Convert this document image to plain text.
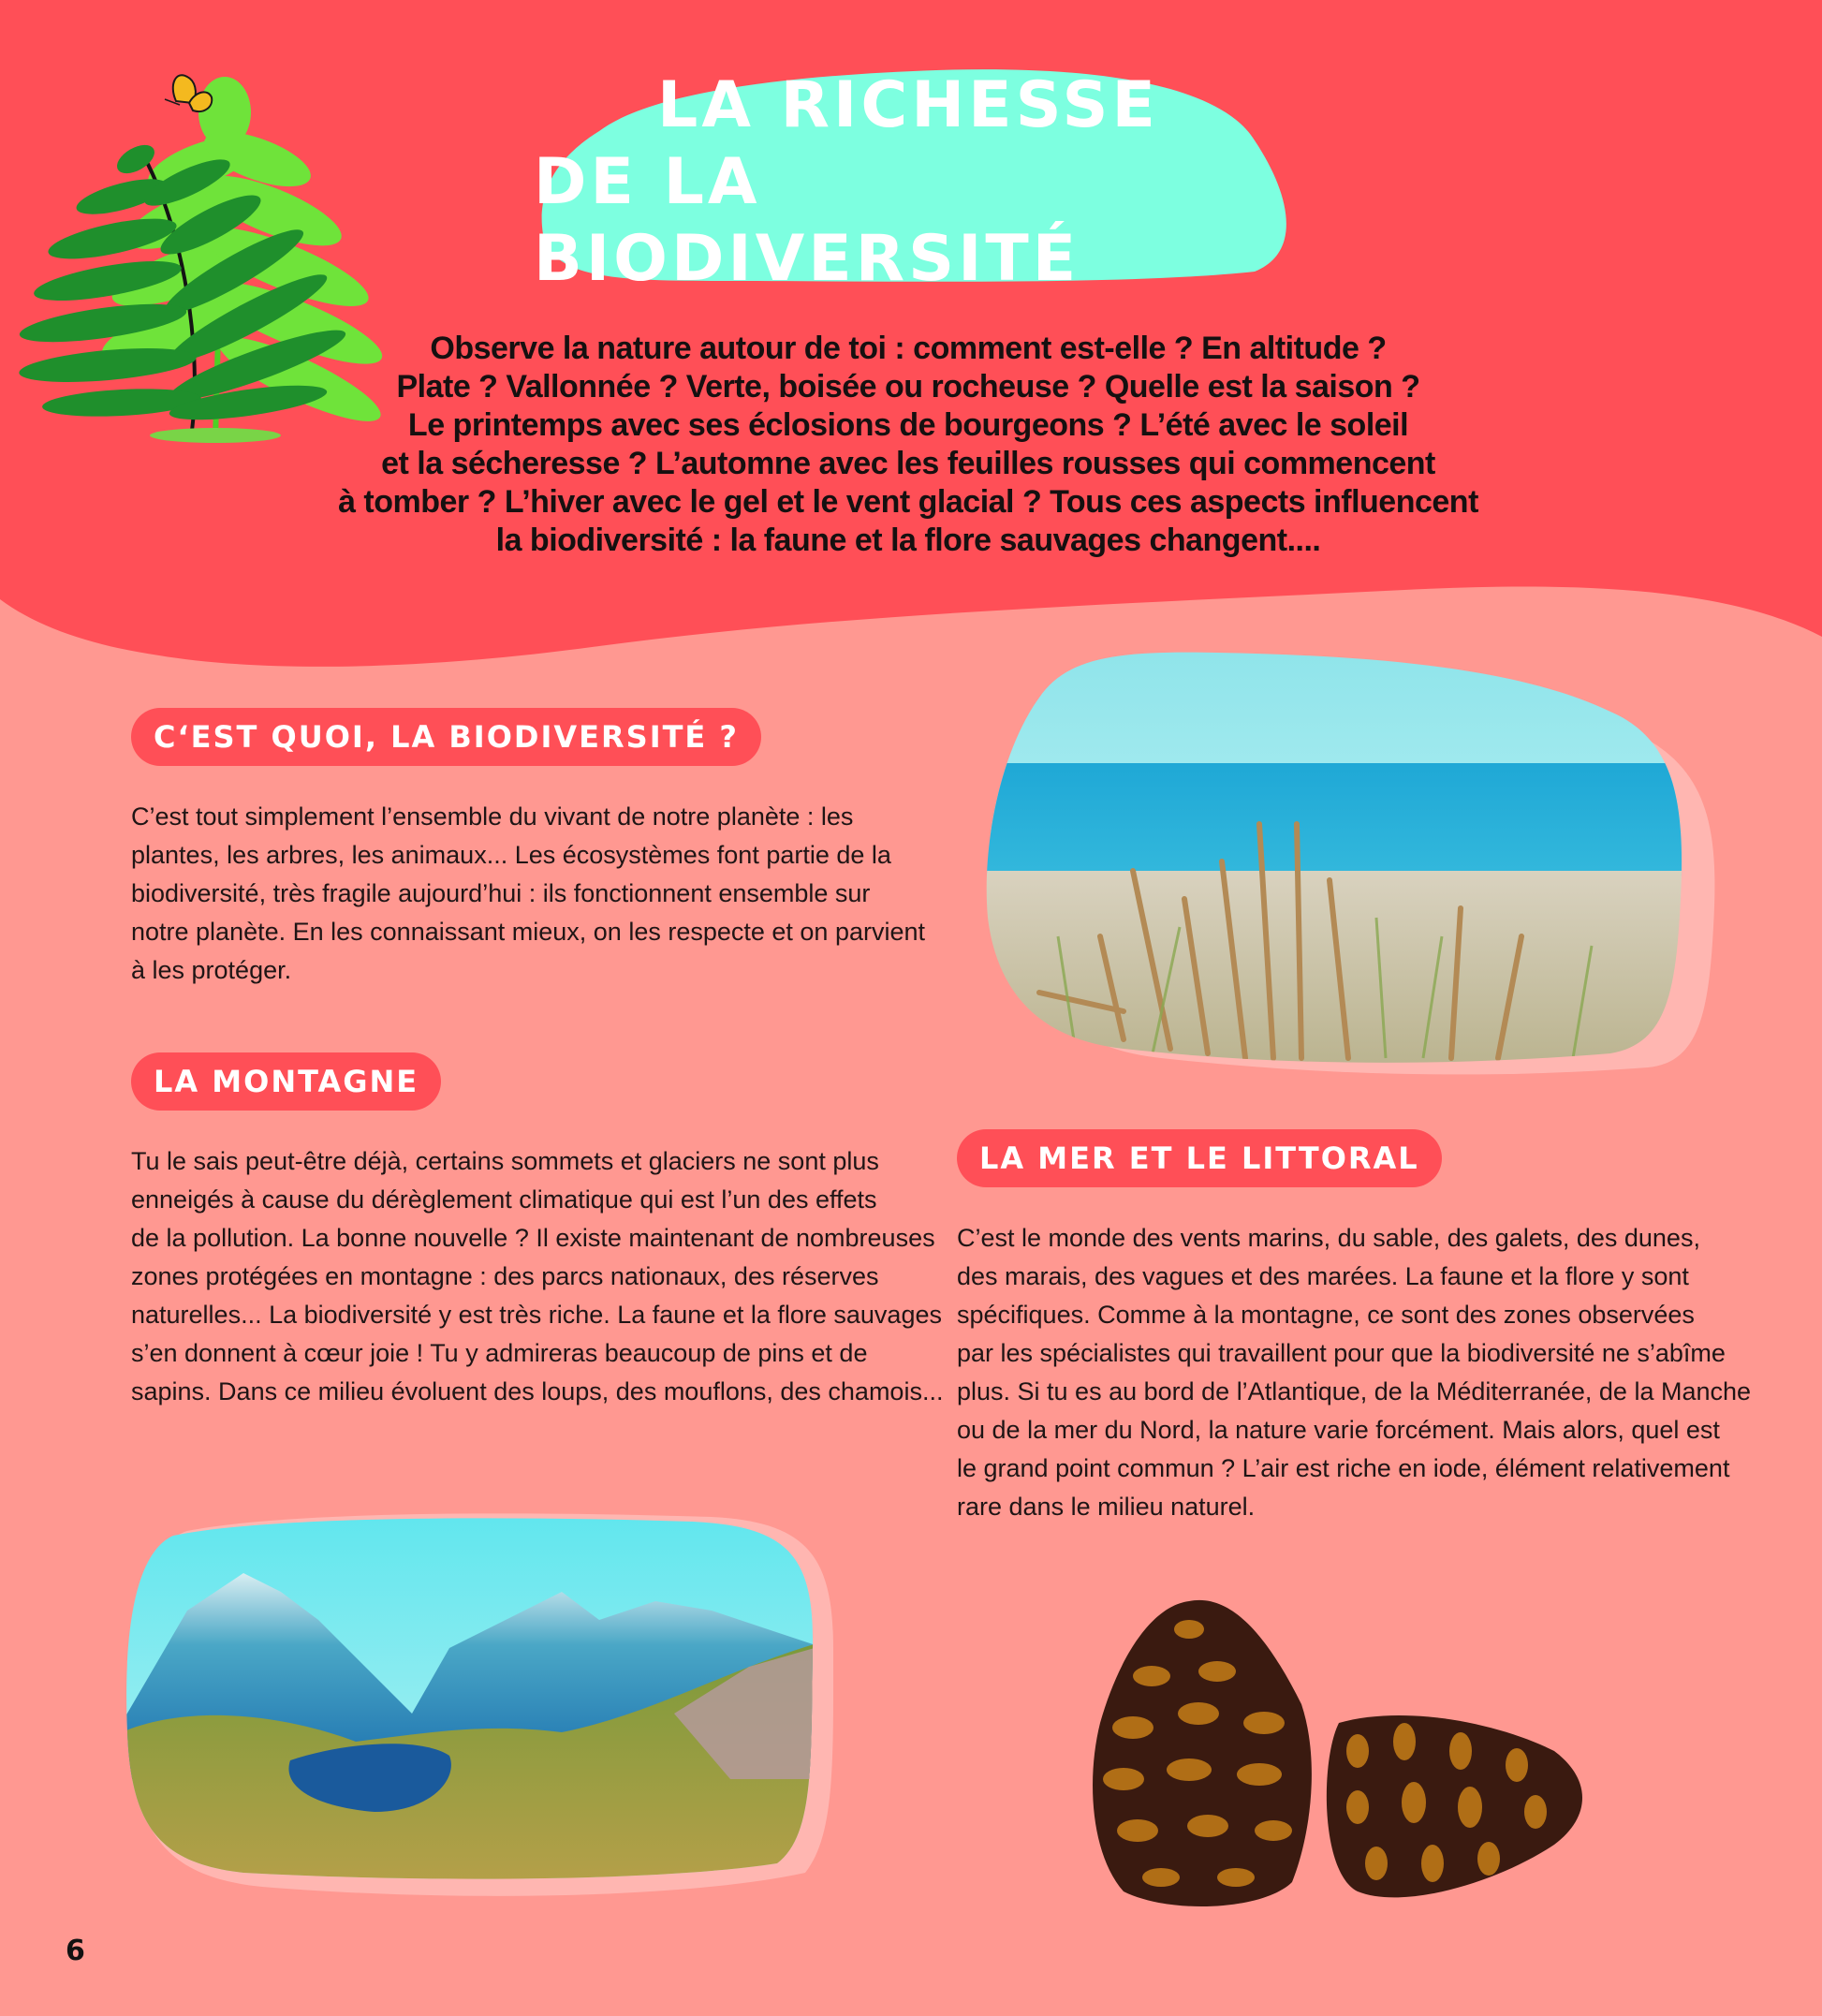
LA RICHESSE
DE LA BIODIVERSITÉ
Observe la nature autour de toi : comment est-elle ? En altitude ?
Plate ? Vallonnée ? Verte, boisée ou rocheuse ? Quelle est la saison ?
Le printemps avec ses éclosions de bourgeons ? L’été avec le soleil
et la sécheresse ? L’automne avec les feuilles rousses qui commencent
à tomber ? L’hiver avec le gel et le vent glacial ? Tous ces aspects influencent
la biodiversité : la faune et la flore sauvages changent....
C‘EST QUOI, LA BIODIVERSITÉ ?
C’est tout simplement l’ensemble du vivant de notre planète : les
plantes, les arbres, les animaux... Les écosystèmes font partie de la
biodiversité, très fragile aujourd’hui : ils fonctionnent ensemble sur
notre planète. En les connaissant mieux, on les respecte et on parvient
à les protéger.
LA MONTAGNE
Tu le sais peut-être déjà, certains sommets et glaciers ne sont plus
enneigés à cause du dérèglement climatique qui est l’un des effets
de la pollution. La bonne nouvelle ? Il existe maintenant de nombreuses
zones protégées en montagne : des parcs nationaux, des réserves
naturelles... La biodiversité y est très riche. La faune et la flore sauvages
s’en donnent à cœur joie ! Tu y admireras beaucoup de pins et de
sapins. Dans ce milieu évoluent des loups, des mouflons, des chamois...
LA MER ET LE LITTORAL
C’est le monde des vents marins, du sable, des galets, des dunes,
des marais, des vagues et des marées. La faune et la flore y sont
spécifiques. Comme à la montagne, ce sont des zones observées
par les spécialistes qui travaillent pour que la biodiversité ne s’abîme
plus. Si tu es au bord de l’Atlantique, de la Méditerranée, de la Manche
ou de la mer du Nord, la nature varie forcément. Mais alors, quel est
le grand point commun ? L’air est riche en iode, élément relativement
rare dans le milieu naturel.
6
